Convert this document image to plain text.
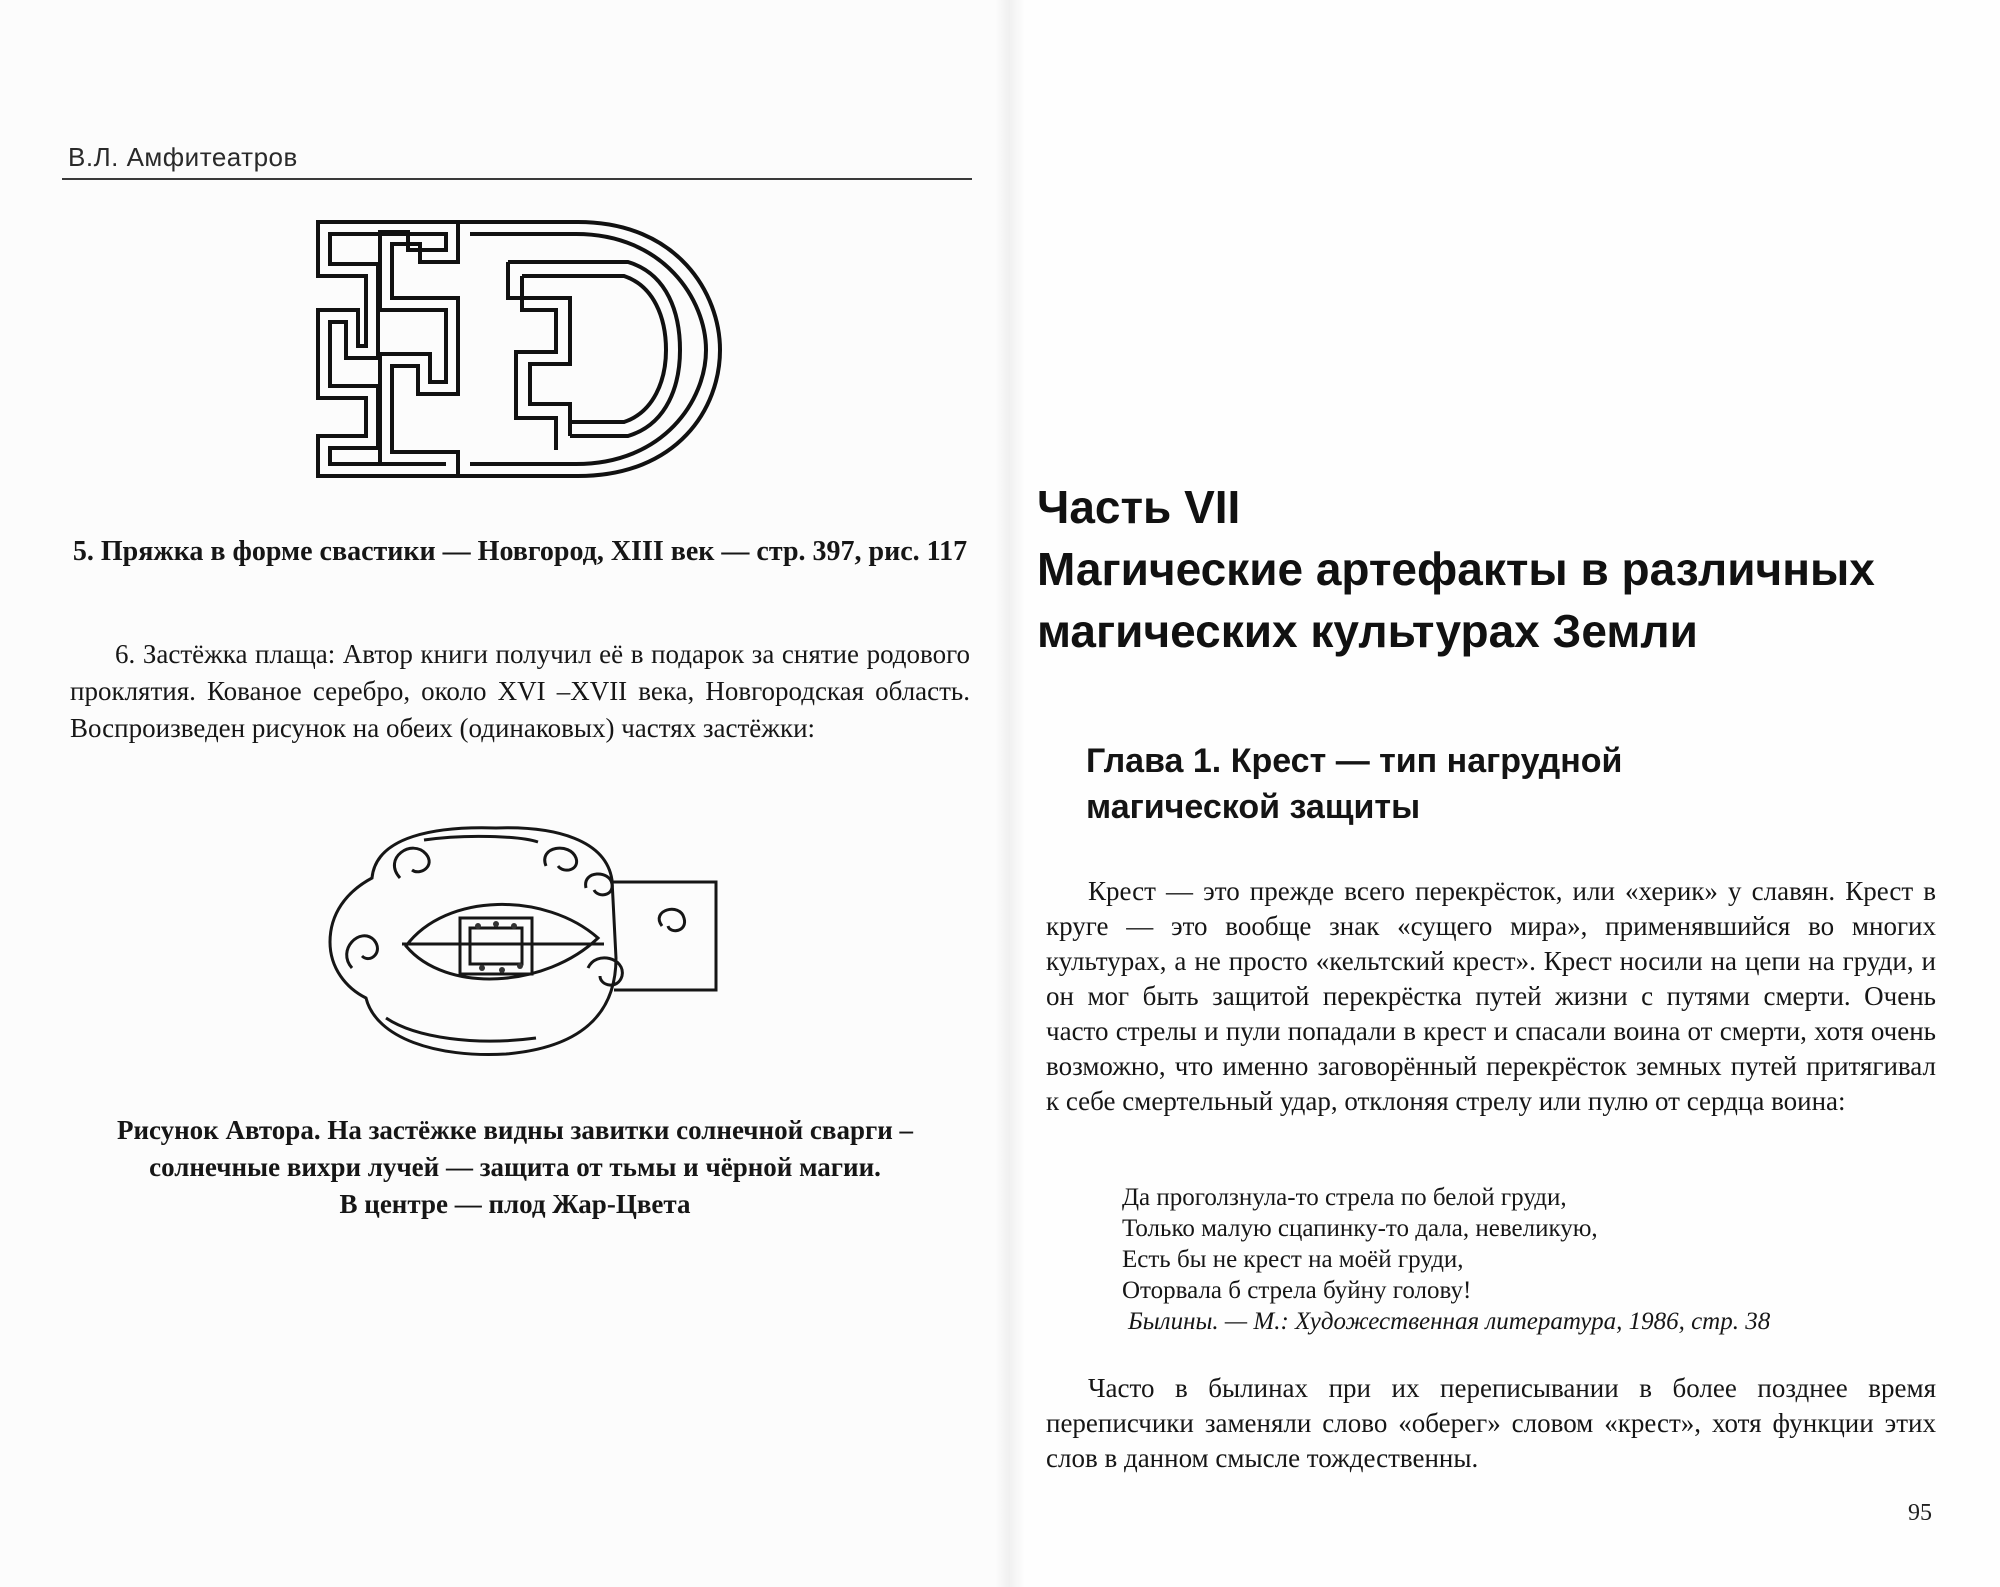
В.Л. Амфитеатров
5. Пряжка в форме свастики — Новгород, XIII век — стр. 397, рис. 117
6. Застёжка плаща: Автор книги получил её в подарок за снятие родового проклятия. Кованое серебро, около XVI –XVII века, Новгородская область. Воспроизведен рисунок на обеих (одинаковых) частях застёжки:
Рисунок Автора. На застёжке видны завитки солнечной сварги –
солнечные вихри лучей — защита от тьмы и чёрной магии.
В центре — плод Жар-Цвета
Часть VII
Магические артефакты в различных
магических культурах Земли
Глава 1. Крест — тип нагрудной
магической защиты
Крест — это прежде всего перекрёсток, или «херик» у славян. Крест в круге — это вообще знак «сущего мира», применявшийся во многих культурах, а не просто «кельтский крест». Крест носили на цепи на груди, и он мог быть защитой перекрёстка путей жизни с путями смерти. Очень часто стрелы и пули попадали в крест и спасали воина от смерти, хотя очень возможно, что именно заговорённый перекрёсток земных путей притягивал к себе смертельный удар, отклоняя стрелу или пулю от сердца воина:
Да проголзнула-то стрела по белой груди,
Только малую сцапинку-то дала, невеликую,
Есть бы не крест на моёй груди,
Оторвала б стрела буйну голову!
Былины. — М.: Художественная литература, 1986, стр. 38
Часто в былинах при их переписывании в более позднее время переписчики заменяли слово «оберег» словом «крест», хотя функции этих слов в данном смысле тождественны.
95
